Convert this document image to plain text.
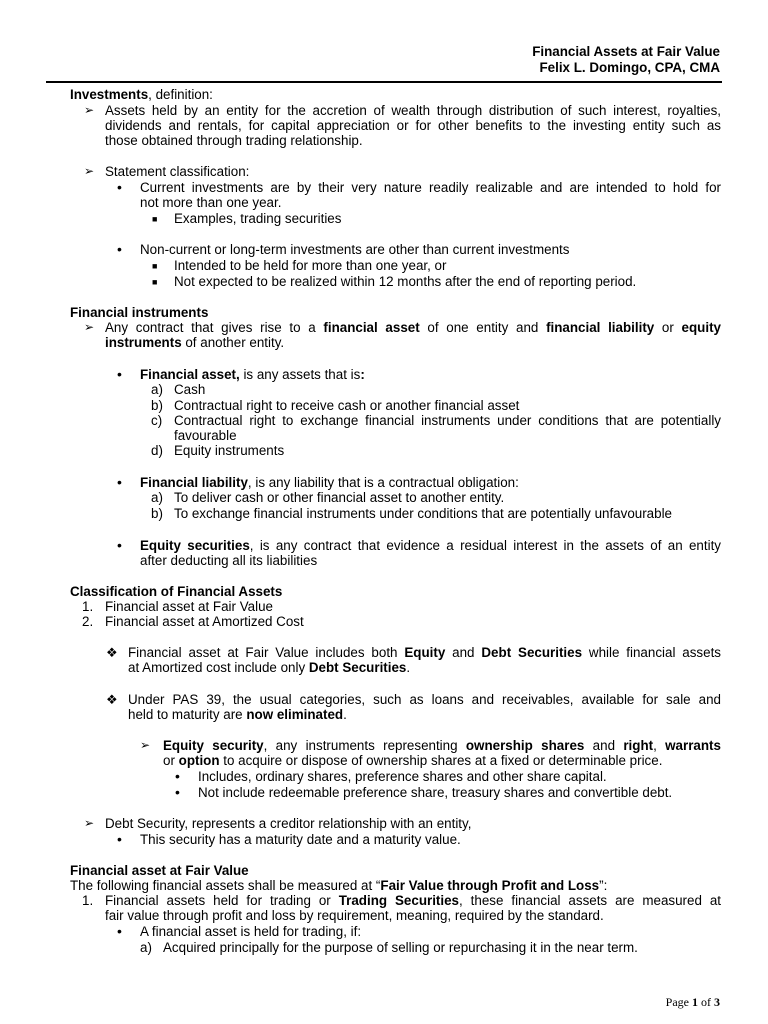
Financial Assets at Fair Value
Felix L. Domingo, CPA, CMA
Investments, definition:
➢ Assets held by an entity for the accretion of wealth through distribution of such interest, royalties,
dividends and rentals, for capital appreciation or for other benefits to the investing entity such as
those obtained through trading relationship.
➢ Statement classification:
• Current investments are by their very nature readily realizable and are intended to hold for
not more than one year.
■ Examples, trading securities
• Non-current or long-term investments are other than current investments
■ Intended to be held for more than one year, or
■ Not expected to be realized within 12 months after the end of reporting period.
Financial instruments
➢ Any contract that gives rise to a financial asset of one entity and financial liability or equity
instruments of another entity.
• Financial asset, is any assets that is:
a) Cash
b) Contractual right to receive cash or another financial asset
c) Contractual right to exchange financial instruments under conditions that are potentially
favourable
d) Equity instruments
• Financial liability, is any liability that is a contractual obligation:
a) To deliver cash or other financial asset to another entity.
b) To exchange financial instruments under conditions that are potentially unfavourable
• Equity securities, is any contract that evidence a residual interest in the assets of an entity
after deducting all its liabilities
Classification of Financial Assets
1. Financial asset at Fair Value
2. Financial asset at Amortized Cost
❖ Financial asset at Fair Value includes both Equity and Debt Securities while financial assets
at Amortized cost include only Debt Securities.
❖ Under PAS 39, the usual categories, such as loans and receivables, available for sale and
held to maturity are now eliminated.
➢ Equity security, any instruments representing ownership shares and right, warrants
or option to acquire or dispose of ownership shares at a fixed or determinable price.
• Includes, ordinary shares, preference shares and other share capital.
• Not include redeemable preference share, treasury shares and convertible debt.
➢ Debt Security, represents a creditor relationship with an entity,
• This security has a maturity date and a maturity value.
Financial asset at Fair Value
The following financial assets shall be measured at “Fair Value through Profit and Loss”:
1. Financial assets held for trading or Trading Securities, these financial assets are measured at
fair value through profit and loss by requirement, meaning, required by the standard.
• A financial asset is held for trading, if:
a) Acquired principally for the purpose of selling or repurchasing it in the near term.
Page 1 of 3
